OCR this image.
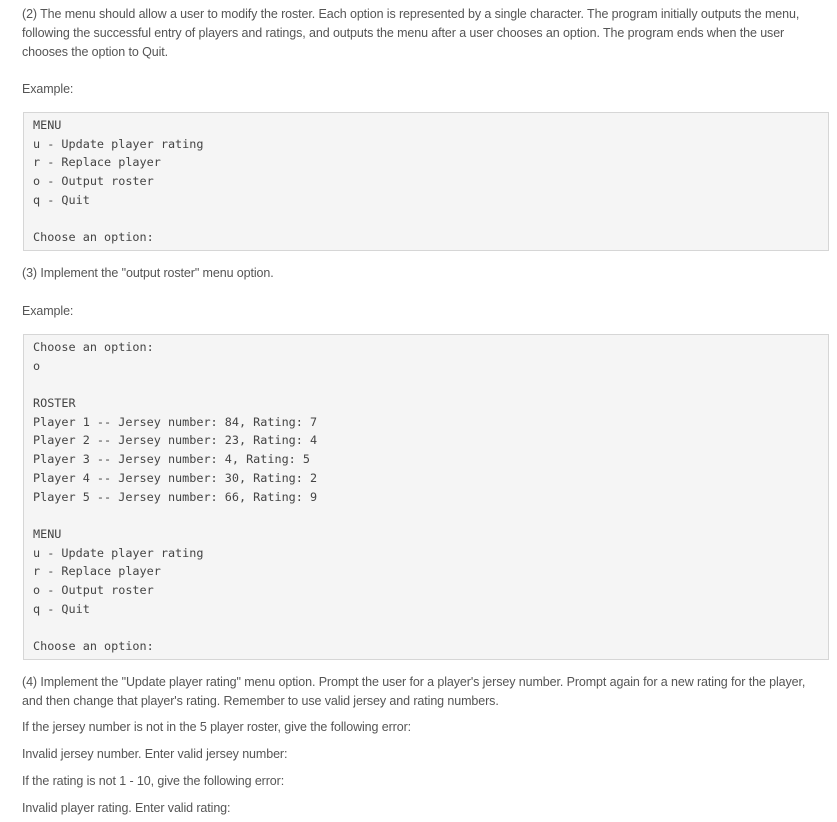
(2) The menu should allow a user to modify the roster. Each option is represented by a single character. The program initially outputs the menu, following the successful entry of players and ratings, and outputs the menu after a user chooses an option. The program ends when the user chooses the option to Quit.

Example:

MENU
u - Update player rating
r - Replace player
o - Output roster
q - Quit
Choose an option:

(3) Implement the "output roster" menu option.

Example:

Choose an option:
o
ROSTER
Player 1 -- Jersey number: 84, Rating: 7
Player 2 -- Jersey number: 23, Rating: 4
Player 3 -- Jersey number: 4, Rating: 5
Player 4 -- Jersey number: 30, Rating: 2
Player 5 -- Jersey number: 66, Rating: 9
MENU
u - Update player rating
r - Replace player
o - Output roster
q - Quit
Choose an option:

(4) Implement the "Update player rating" menu option. Prompt the user for a player's jersey number. Prompt again for a new rating for the player, and then change that player's rating. Remember to use valid jersey and rating numbers.

If the jersey number is not in the 5 player roster, give the following error:

Invalid jersey number. Enter valid jersey number:

If the rating is not 1 - 10, give the following error:

Invalid player rating. Enter valid rating:
